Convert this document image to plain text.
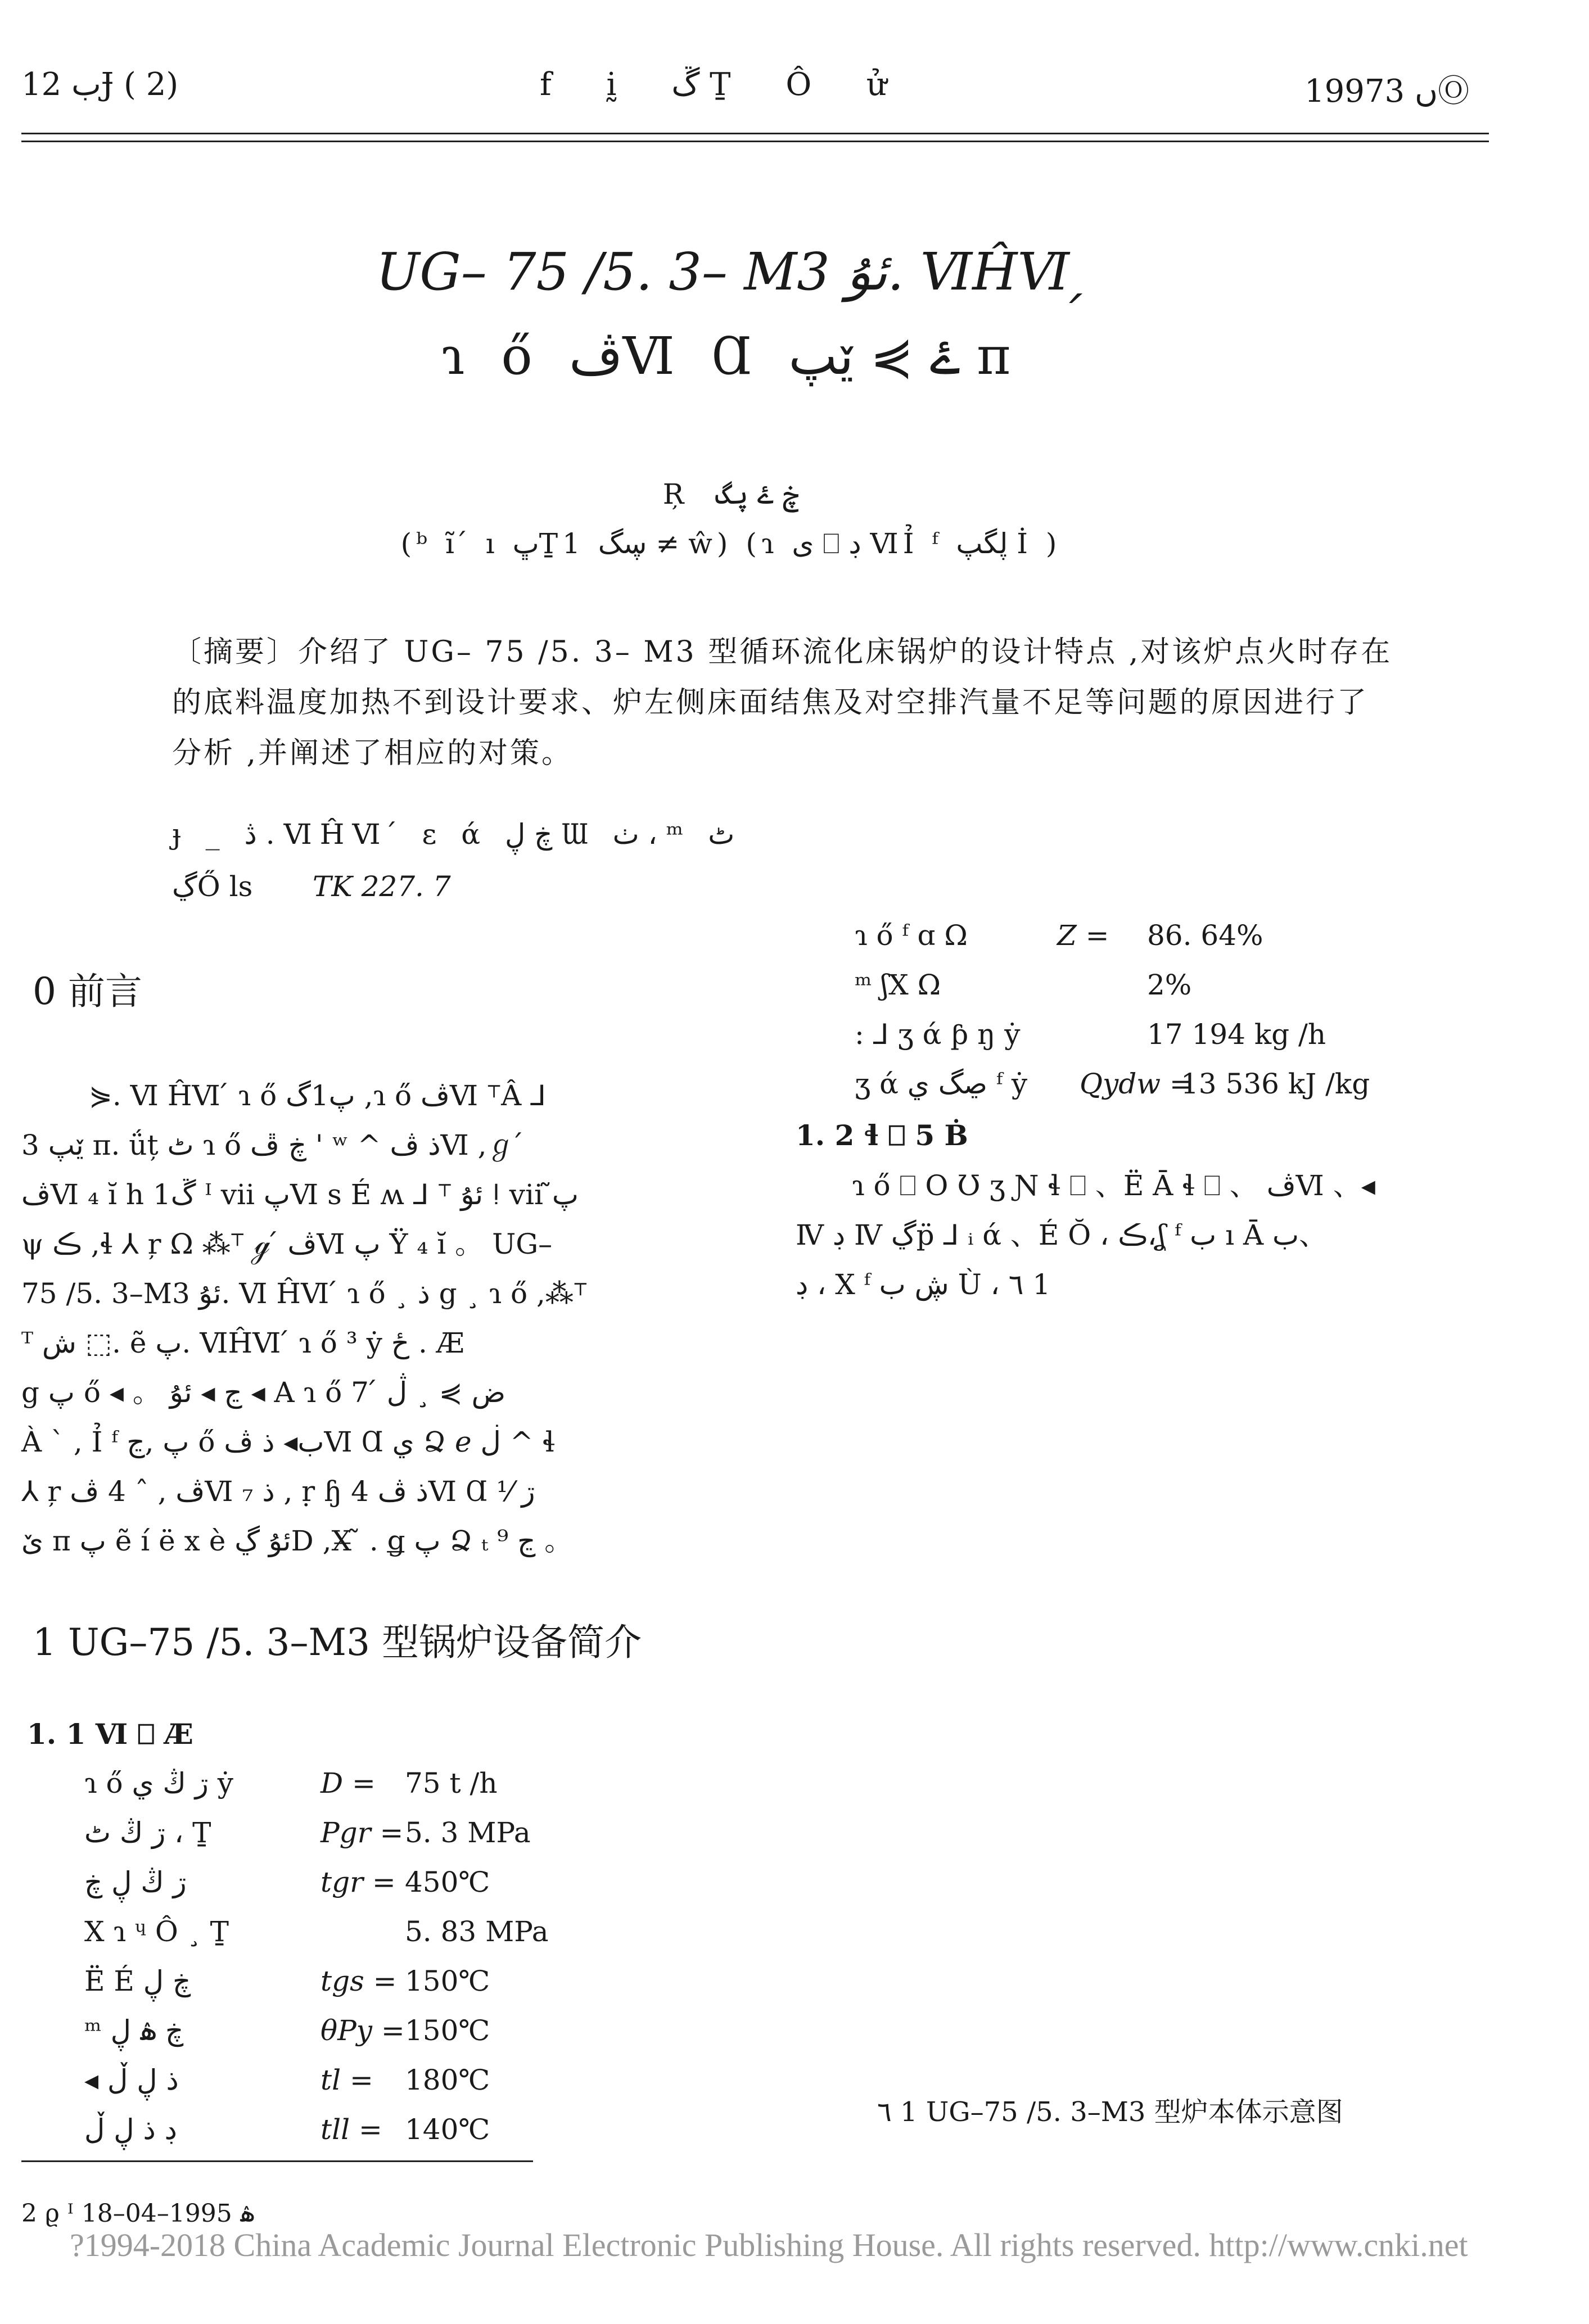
ب 12Ɉ ( 2)	f ḭ ڱ Ṯ Ô ử	1997ں 3Ⓞ
UG– 75 /5. 3– M3 ئۇ. ⅥĤⅥ ̗
ɿ ő ڤⅥ Ɑ ۓ ⋟ ێپ π
Ŗ ڿ ۓ ۑگ
(ᵇ ĩ ́ ı ڀṮ1 ڛگ ≠ ŵ) (ɿ ی ⎕ ڊ ⅥỈ ᶠ ڸگپ İ )
〔摘要〕介绍了 UG– 75 /5. 3– M3 型循环流化床锅炉的设计特点 ,对该炉点火时存在的底料温度加热不到设计要求、炉左侧床面结焦及对空排汽量不足等问题的原因进行了分析 ,并阐述了相应的对策。
ɟ _ ڎ . ⅥĤⅥ ́ ɛ ά ڿ ڸ Ɯ ٺ ، ᵐ ٹ
ڲŐ ls TK 227. 7
0 前言
⋟. Ⅵ ĤⅥ ́ ɿ ő پ1گ ,ɿ ő ڤⅥ ⸆Â ⅃
3 ێپ π. ǘț ٹ ɿ ő ڿ ڦ ' ʷ ^ ذ ڤⅥ ,ℊ ́
ڤⅥ ₄ ĭ h ڱ1 ᴵ vii پⅥ s É ʍ ⅃ ⸆ ئۇ ǃ vii پ̃
ψ ڪ ,ɬ ⅄ ŗ Ω ⁂⸆ ℊ ́ ڤⅥ پ Ÿ ₄ ĭ 。 UG–
75 /5. 3–M3 ئۇ. Ⅵ ĤⅥ ́ ɿ ő ¸ ذ g ¸ ɿ ő ,⁂⸆
ᵀ ش ⬚. ẽ پ. ⅥĤⅥ ́ ɿ ő ³ ẏ ځ . Æ
g پ ő ◂ 。 ڃ ◂ ئۇ ◂ A ɿ ő ض ⋟ ¸ ڷ ́ 7
À ` , Ỉ ᶠ پ ,ڃ ő ب◂ ذ ڤⅥ Ɑ ي Ձ ℯ ڶ ^ ɬ
⅄ ŗ ڤ , ˆ 4 ڤⅥ ₇ ذ , ṛ ɧ 4 ذ ڤⅥ Ɑ ⅟ ڗ
ێ π پ ẽ í ë x è ئۇ ڲD ,X̶ ̃ . ǥ پ Ձ ₜ ڃ ⁹ 。
1 UG–75 /5. 3–M3 型锅炉设备简介
1. 1 Ⅵ ⎕ Æ
ɿ ő ڗ ڭ ي ẏ	D = 75 t /h
ڗ ڭ ٹ ، Ṯ	Pgr =5. 3 MPa
ڗ ڭ ڸ ڿ	tgr = 450℃
X ɿ ᶣ Ô ¸ Ṯ	5. 83 MPa
Ë É ڿ ڸ	tgs = 150℃
ᵐ ڿ ۿ ڸ	θPy =150℃
◂ ذ ڸ ڵ	tl = 180℃
ڊ ذ ڸ ڵ	tll = 140℃
ɿ ő ᶠ ɑ Ω	Z = 86. 64%
ᵐ ʃX Ω	2%
: ⅃ ʒ ά ƥ ŋ ẏ	17 194 kg /h
ʒ ά ڝگ ي ᶠ ẏ Qydw =13 536 kJ /kg
1. 2 ɬ ⎕ 5 Ḃ
ɿ ő ⎕ O Ʊ ʒ Ɲ ɬ ⎕ 、Ë Ā ɬ ⎕ 、 ڤⅥ 、◂
Ⅳ ڊ Ⅳ ڲp̈ ⅃ ᵢ ά 、É Ŏ ، ڪ،ʆ ᶠ ب ı Ā ب、
ڊ ، X ᶠ ڜ ب Ù ، ٦ 1
٦ 1 UG–75 /5. 3–M3 型炉本体示意图
2 ϱ ᴵ ۿ 1995–04–18
?1994-2018 China Academic Journal Electronic Publishing House. All rights reserved. http://www.cnki.net
